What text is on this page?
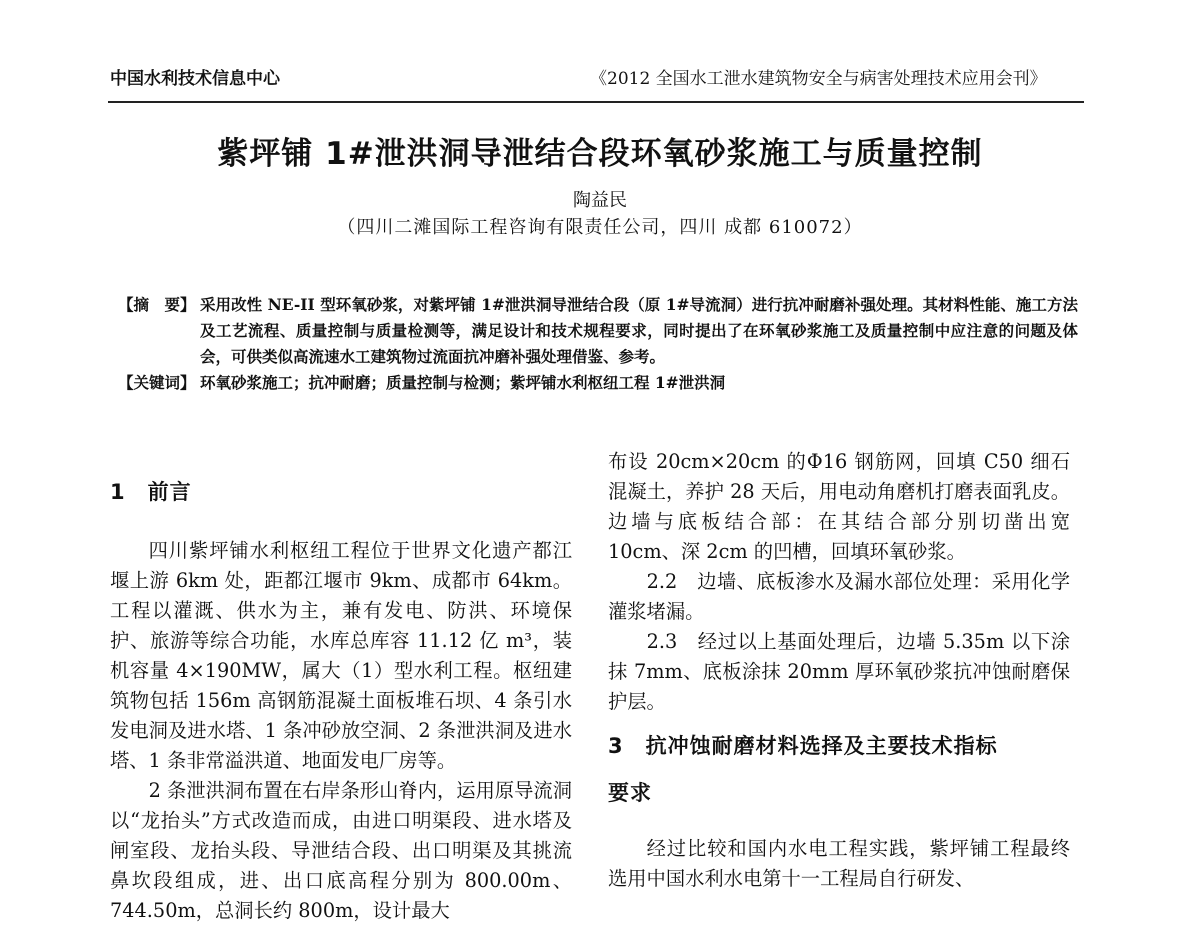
中国水利技术信息中心	《2012 全国水工泄水建筑物安全与病害处理技术应用会刊》
紫坪铺 1#泄洪洞导泄结合段环氧砂浆施工与质量控制
陶益民
（四川二滩国际工程咨询有限责任公司，四川 成都 610072）
【摘　要】 采用改性 NE-II 型环氧砂浆，对紫坪铺 1#泄洪洞导泄结合段（原 1#导流洞）进行抗冲耐磨补强处理。其材料性能、施工方法及工艺流程、质量控制与质量检测等，满足设计和技术规程要求，同时提出了在环氧砂浆施工及质量控制中应注意的问题及体会，可供类似高流速水工建筑物过流面抗冲磨补强处理借鉴、参考。
【关键词】 环氧砂浆施工；抗冲耐磨；质量控制与检测；紫坪铺水利枢纽工程 1#泄洪洞
1　前言

四川紫坪铺水利枢纽工程位于世界文化遗产都江堰上游 6km 处，距都江堰市 9km、成都市 64km。工程以灌溉、供水为主，兼有发电、防洪、环境保护、旅游等综合功能，水库总库容 11.12 亿 m³，装机容量 4×190MW，属大（1）型水利工程。枢纽建筑物包括 156m 高钢筋混凝土面板堆石坝、4 条引水发电洞及进水塔、1 条冲砂放空洞、2 条泄洪洞及进水塔、1 条非常溢洪道、地面发电厂房等。

2 条泄洪洞布置在右岸条形山脊内，运用原导流洞以“龙抬头”方式改造而成，由进口明渠段、进水塔及闸室段、龙抬头段、导泄结合段、出口明渠及其挑流鼻坎段组成，进、出口底高程分别为 800.00m、744.50m，总洞长约 800m，设计最大

布设 20cm×20cm 的Φ16 钢筋网，回填 C50 细石混凝土，养护 28 天后，用电动角磨机打磨表面乳皮。边墙与底板结合部：在其结合部分别切凿出宽 10cm、深 2cm 的凹槽，回填环氧砂浆。

2.2　边墙、底板渗水及漏水部位处理：采用化学灌浆堵漏。

2.3　经过以上基面处理后，边墙 5.35m 以下涂抹 7mm、底板涂抹 20mm 厚环氧砂浆抗冲蚀耐磨保护层。

3　抗冲蚀耐磨材料选择及主要技术指标
要求

经过比较和国内水电工程实践，紫坪铺工程最终选用中国水利水电第十一工程局自行研发、
